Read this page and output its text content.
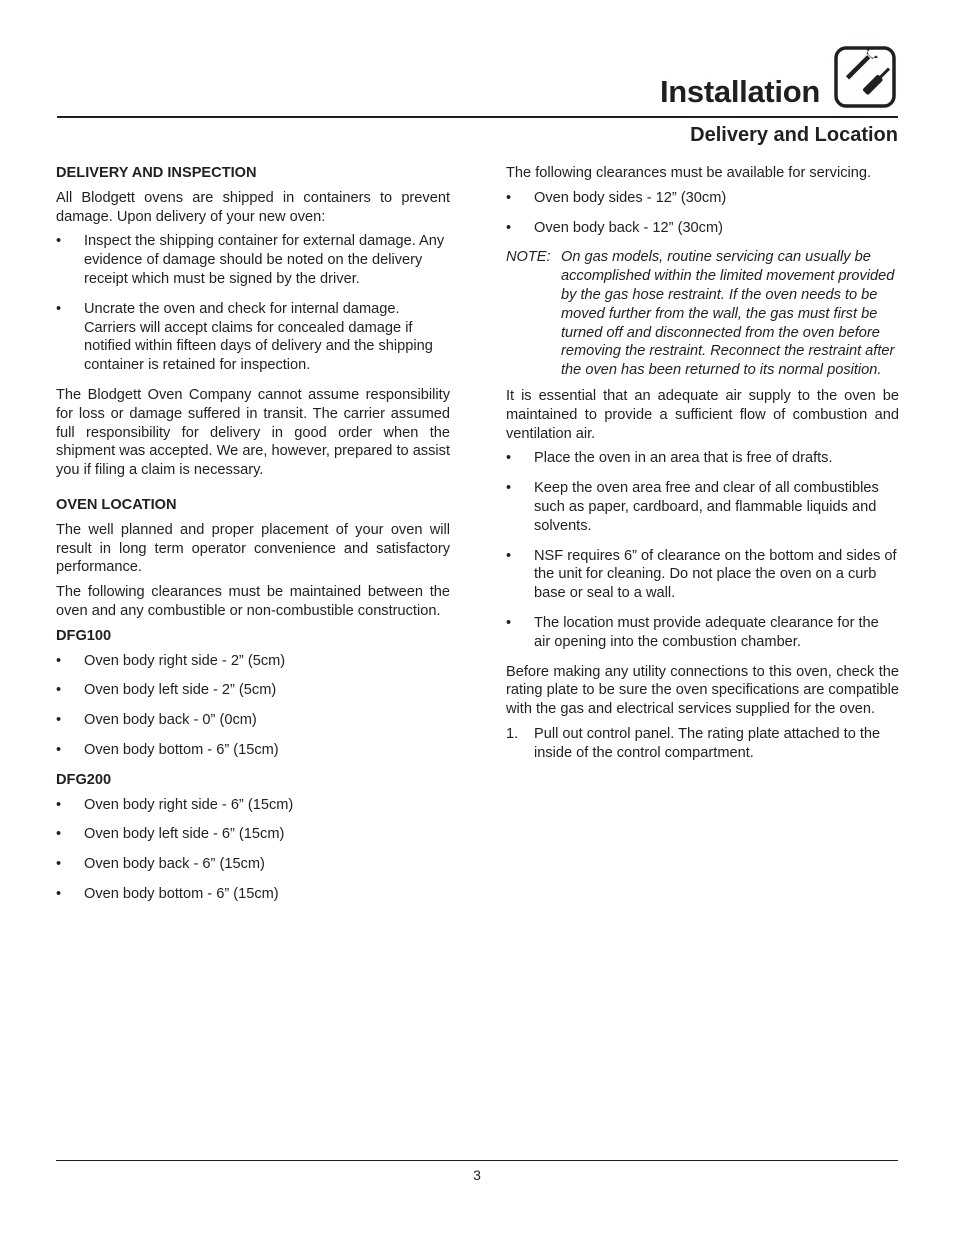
Installation
Delivery and Location
DELIVERY AND INSPECTION

All Blodgett ovens are shipped in containers to prevent damage. Upon delivery of your new oven:

• Inspect the shipping container for external damage. Any evidence of damage should be noted on the delivery receipt which must be signed by the driver.
• Uncrate the oven and check for internal damage. Carriers will accept claims for concealed damage if notified within fifteen days of delivery and the shipping container is retained for inspection.

The Blodgett Oven Company cannot assume responsibility for loss or damage suffered in transit. The carrier assumed full responsibility for delivery in good order when the shipment was accepted. We are, however, prepared to assist you if filing a claim is necessary.

OVEN LOCATION

The well planned and proper placement of your oven will result in long term operator convenience and satisfactory performance.

The following clearances must be maintained between the oven and any combustible or non-combustible construction.

DFG100
• Oven body right side - 2” (5cm)
• Oven body left side - 2” (5cm)
• Oven body back - 0” (0cm)
• Oven body bottom - 6” (15cm)
DFG200
• Oven body right side - 6” (15cm)
• Oven body left side - 6” (15cm)
• Oven body back - 6” (15cm)
• Oven body bottom - 6” (15cm)

The following clearances must be available for servicing.

• Oven body sides - 12” (30cm)
• Oven body back - 12” (30cm)
NOTE: On gas models, routine servicing can usually be accomplished within the limited movement provided by the gas hose restraint. If the oven needs to be moved further from the wall, the gas must first be turned off and disconnected from the oven before removing the restraint. Reconnect the restraint after the oven has been returned to its normal position.

It is essential that an adequate air supply to the oven be maintained to provide a sufficient flow of combustion and ventilation air.

• Place the oven in an area that is free of drafts.
• Keep the oven area free and clear of all combustibles such as paper, cardboard, and flammable liquids and solvents.
• NSF requires 6” of clearance on the bottom and sides of the unit for cleaning. Do not place the oven on a curb base or seal to a wall.
• The location must provide adequate clearance for the air opening into the combustion chamber.

Before making any utility connections to this oven, check the rating plate to be sure the oven specifications are compatible with the gas and electrical services supplied for the oven.

1. Pull out control panel. The rating plate attached to the inside of the control compartment.
3
